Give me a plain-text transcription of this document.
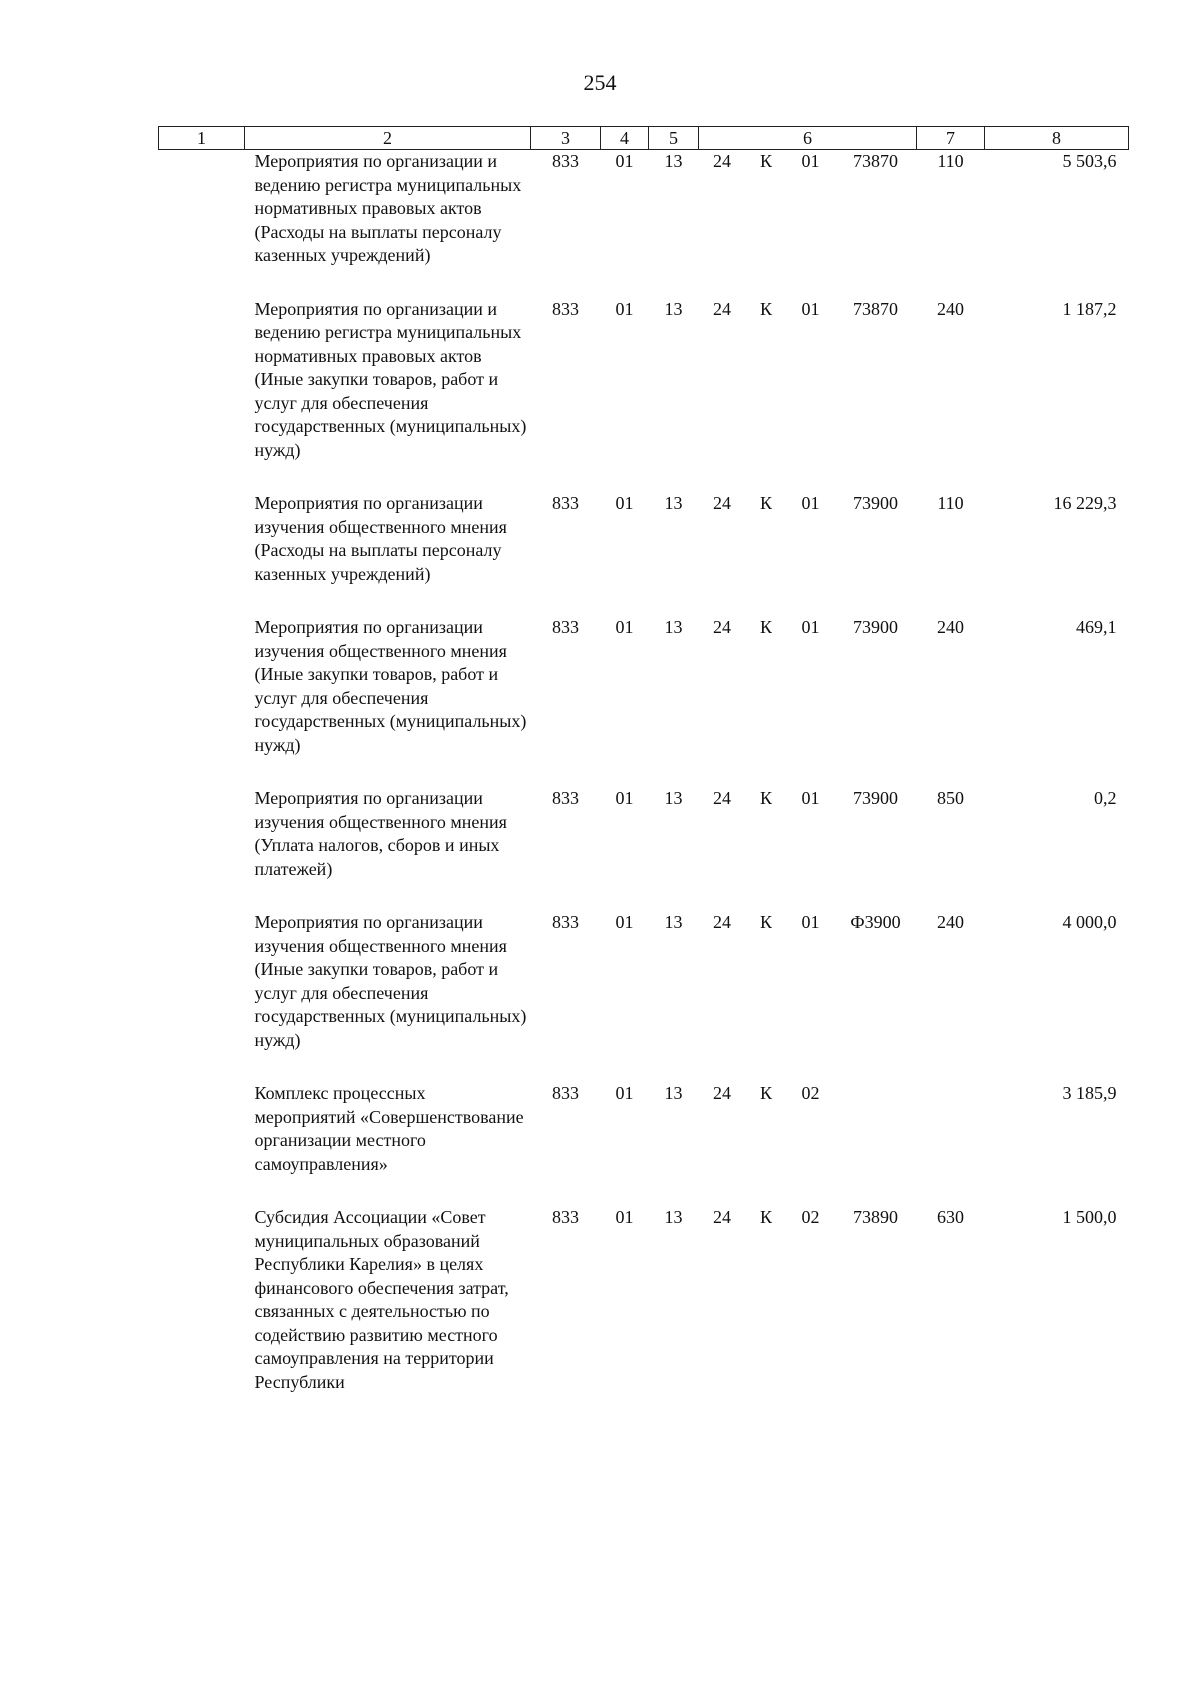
254
1	2	3	4	5	6				7	8
	Мероприятия по организации и ведению регистра муниципальных нормативных правовых актов (Расходы на выплаты персоналу казенных учреждений)	833	01	13	24	К	01	73870	110	5 503,6
	Мероприятия по организации и ведению регистра муниципальных нормативных правовых актов (Иные закупки товаров, работ и услуг для обеспечения государственных (муниципальных) нужд)	833	01	13	24	К	01	73870	240	1 187,2
	Мероприятия по организации изучения общественного мнения (Расходы на выплаты персоналу казенных учреждений)	833	01	13	24	К	01	73900	110	16 229,3
	Мероприятия по организации изучения общественного мнения (Иные закупки товаров, работ и услуг для обеспечения государственных (муниципальных) нужд)	833	01	13	24	К	01	73900	240	469,1
	Мероприятия по организации изучения общественного мнения (Уплата налогов, сборов и иных платежей)	833	01	13	24	К	01	73900	850	0,2
	Мероприятия по организации изучения общественного мнения (Иные закупки товаров, работ и услуг для обеспечения государственных (муниципальных) нужд)	833	01	13	24	К	01	Ф3900	240	4 000,0
	Комплекс процессных мероприятий «Совершенствование организации местного самоуправления»	833	01	13	24	К	02			3 185,9
	Субсидия Ассоциации «Совет муниципальных образований Республики Карелия» в целях финансового обеспечения затрат, связанных с деятельностью по содействию развитию местного самоуправления на территории Республики	833	01	13	24	К	02	73890	630	1 500,0
